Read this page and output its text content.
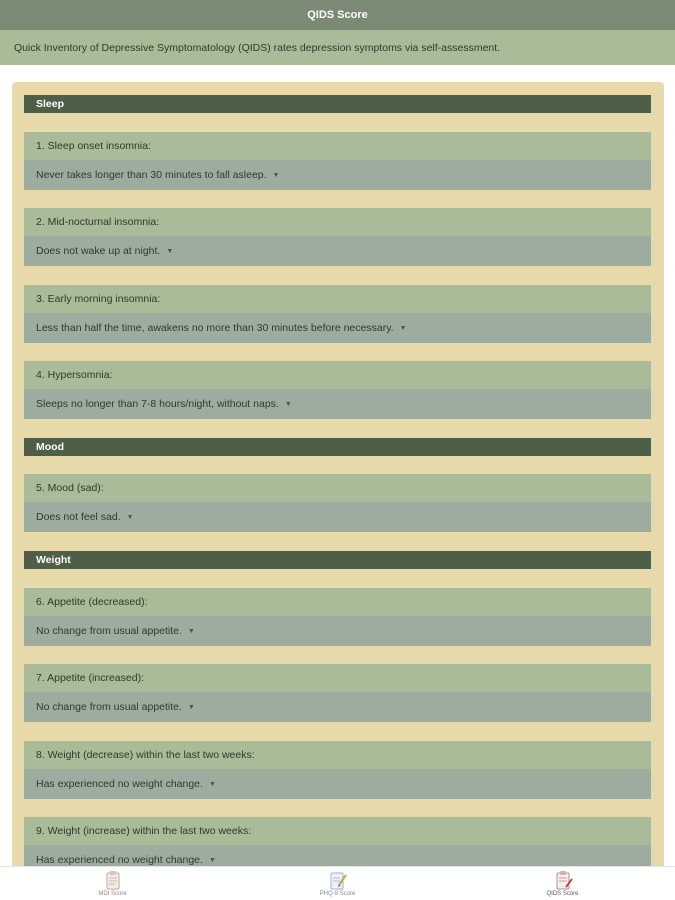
QIDS Score
Quick Inventory of Depressive Symptomatology (QIDS) rates depression symptoms via self-assessment.
Sleep
1. Sleep onset insomnia:
Never takes longer than 30 minutes to fall asleep. ▼
2. Mid-nocturnal insomnia:
Does not wake up at night. ▼
3. Early morning insomnia:
Less than half the time, awakens no more than 30 minutes before necessary. ▼
4. Hypersomnia:
Sleeps no longer than 7-8 hours/night, without naps. ▼
Mood
5. Mood (sad):
Does not feel sad. ▼
Weight
6. Appetite (decreased):
No change from usual appetite. ▼
7. Appetite (increased):
No change from usual appetite. ▼
8. Weight (decrease) within the last two weeks:
Has experienced no weight change. ▼
9. Weight (increase) within the last two weeks:
Has experienced no weight change. ▼
MDI Score	PHQ-9 Score	QIDS Score
